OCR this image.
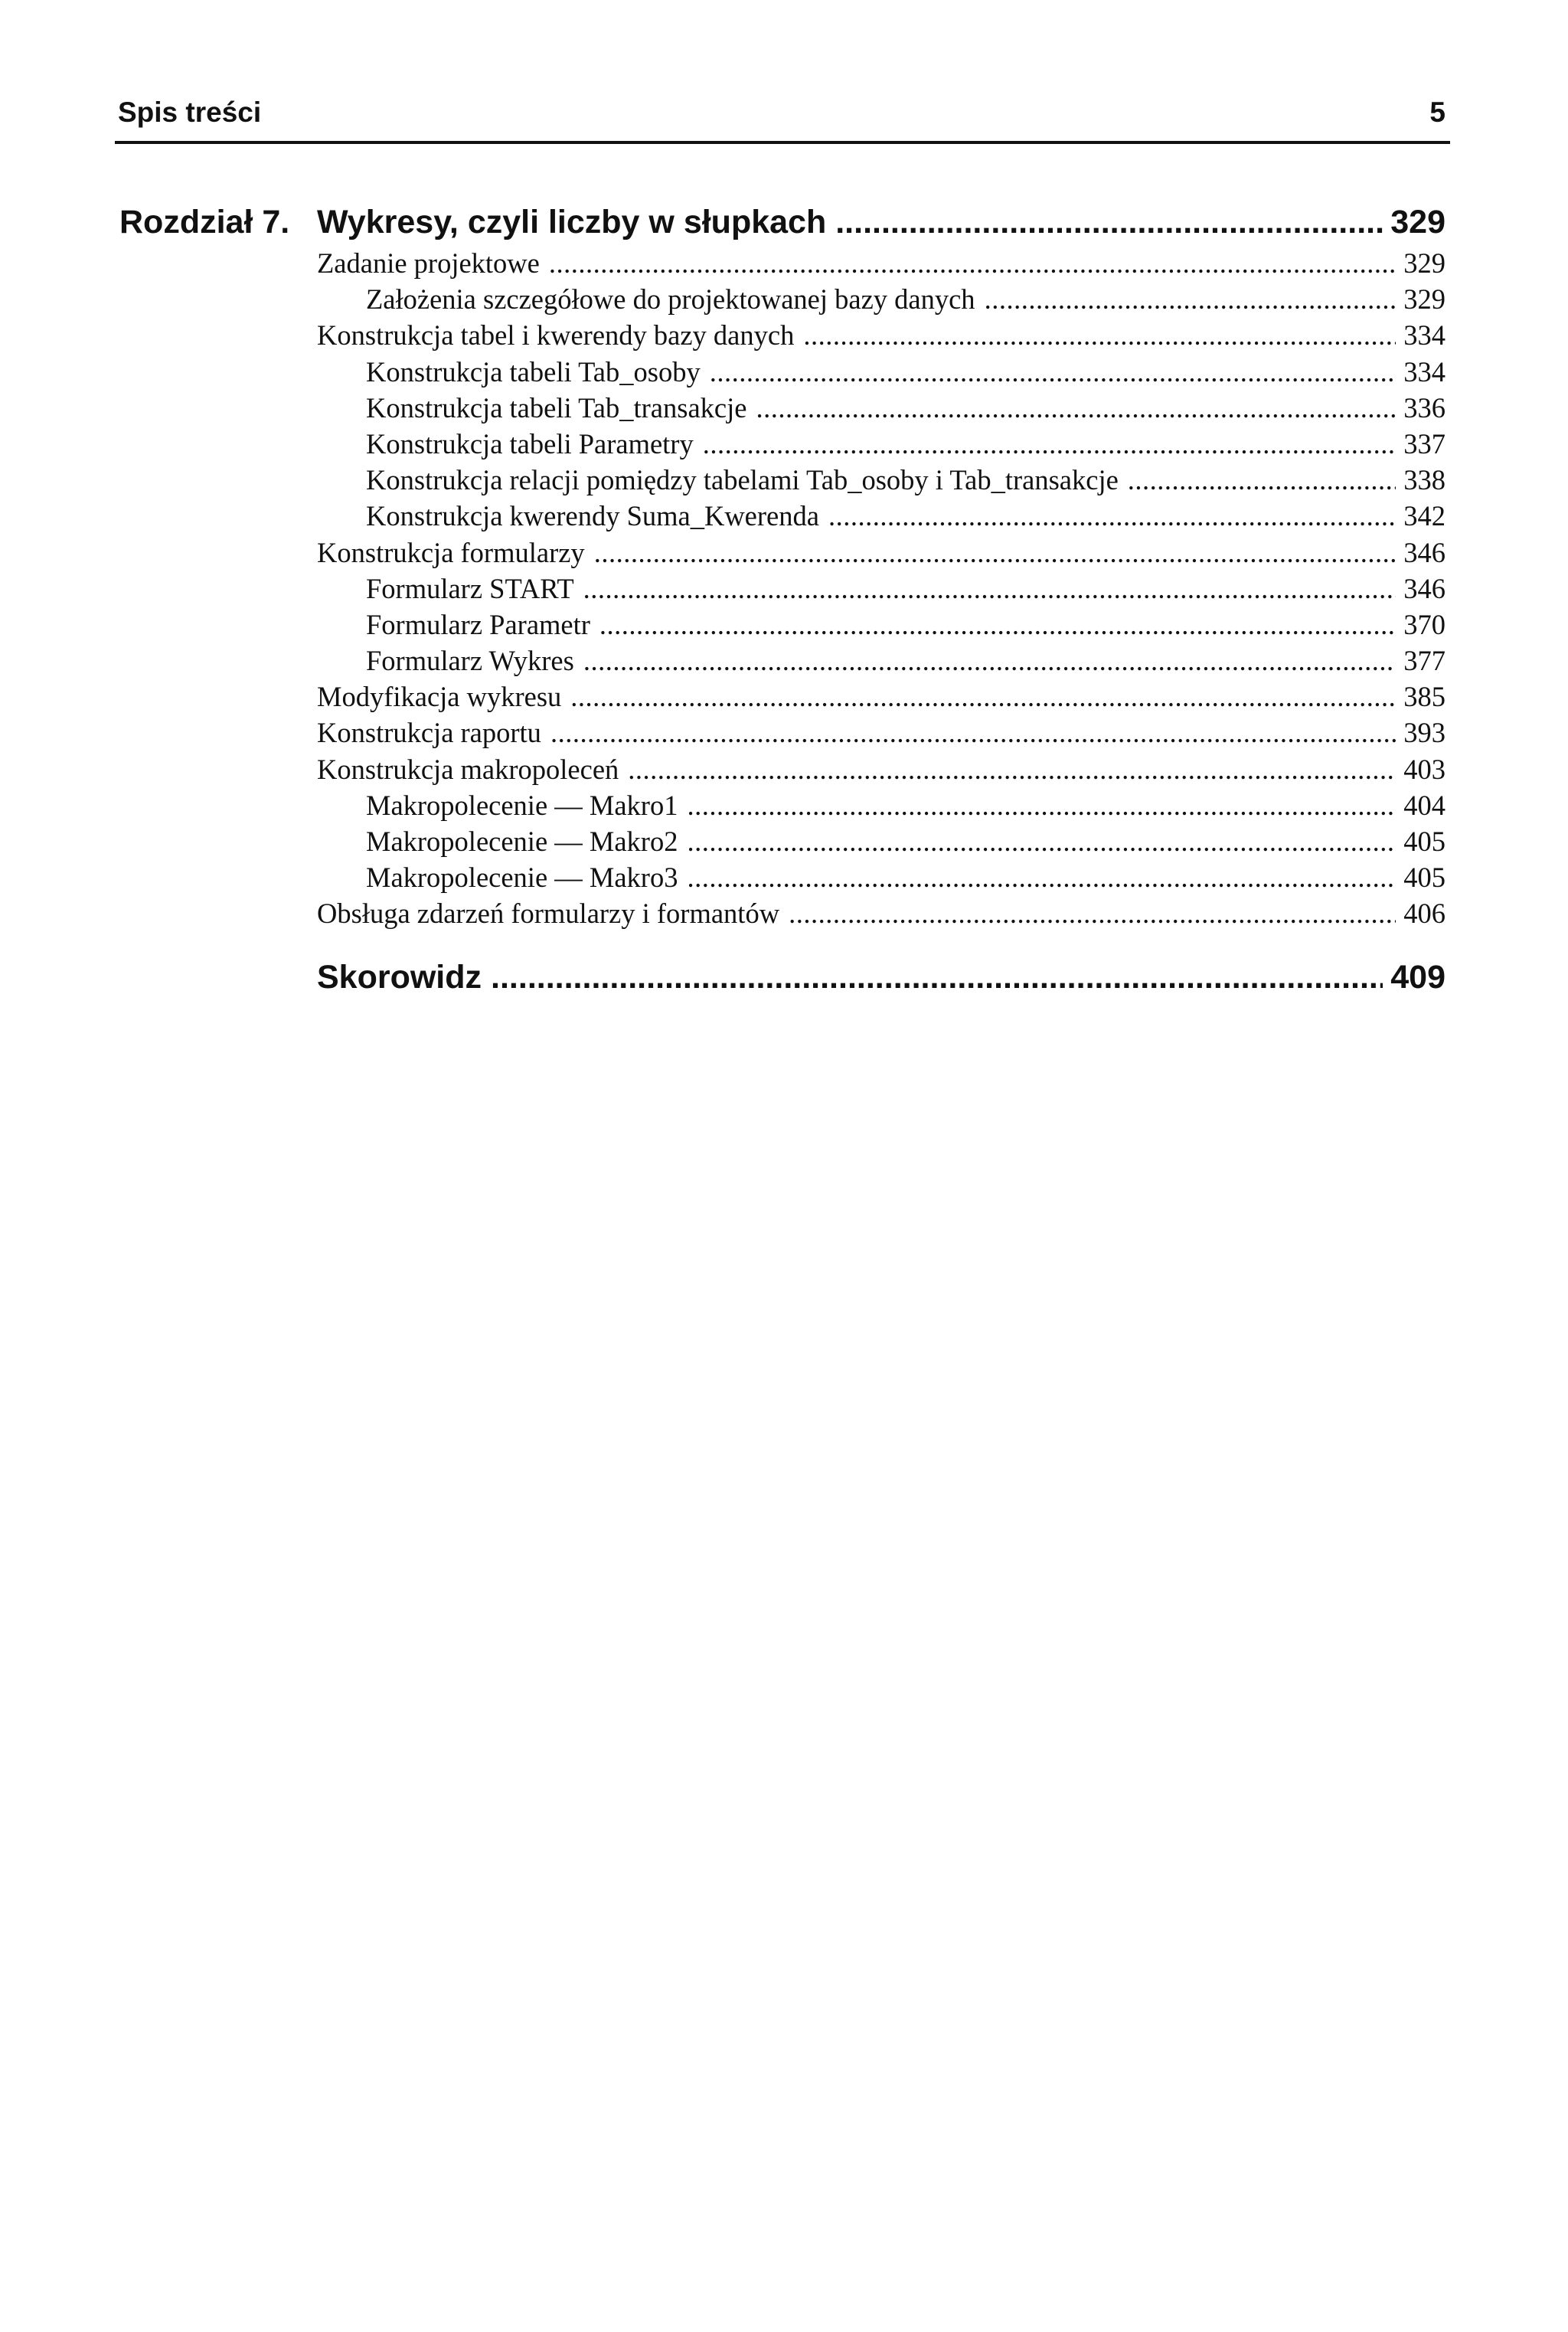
Spis treści	5
Rozdział 7. Wykresy, czyli liczby w słupkach .....	329
Zadanie projektowe .....	329
Założenia szczegółowe do projektowanej bazy danych .....	329
Konstrukcja tabel i kwerendy bazy danych .....	334
Konstrukcja tabeli Tab_osoby .....	334
Konstrukcja tabeli Tab_transakcje .....	336
Konstrukcja tabeli Parametry .....	337
Konstrukcja relacji pomiędzy tabelami Tab_osoby i Tab_transakcje .....	338
Konstrukcja kwerendy Suma_Kwerenda .....	342
Konstrukcja formularzy .....	346
Formularz START .....	346
Formularz Parametr .....	370
Formularz Wykres .....	377
Modyfikacja wykresu .....	385
Konstrukcja raportu .....	393
Konstrukcja makropoleceń .....	403
Makropolecenie — Makro1 .....	404
Makropolecenie — Makro2 .....	405
Makropolecenie — Makro3 .....	405
Obsługa zdarzeń formularzy i formantów .....	406
Skorowidz .....	409
